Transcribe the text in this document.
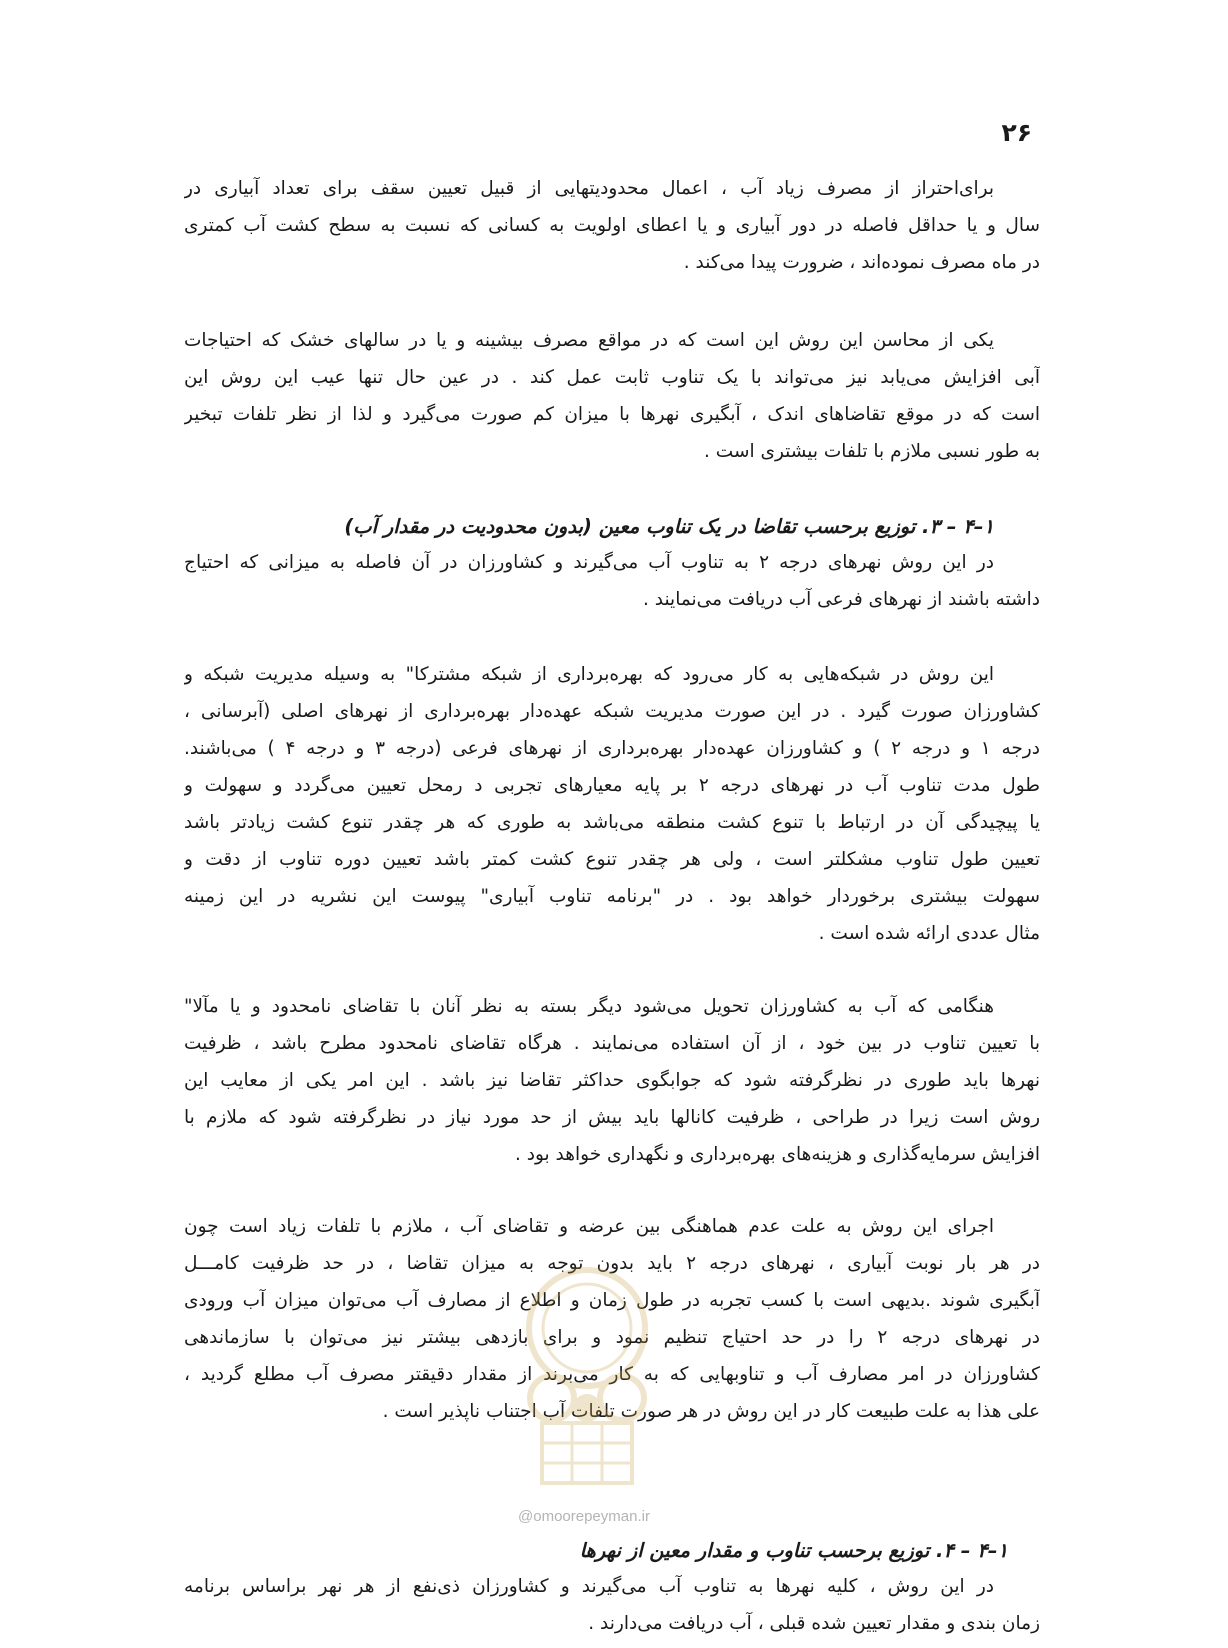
۲۶
برای‌احتراز از مصرف زیاد آب ، اعمال محدودیتهایی از قبیل تعیین سقف برای تعداد آبیاری در
سال و یا حداقل فاصله در دور آبیاری و یا اعطای اولویت به کسانی که نسبت به سطح کشت آب کمتری
در ماه مصرف نموده‌اند ، ضرورت پیدا می‌کند .
یکی از محاسن این روش این است که در مواقع مصرف بیشینه و یا در سالهای خشک که احتیاجات
آبی افزایش می‌یابد نیز می‌تواند با یک تناوب ثابت عمل کند . در عین حال تنها عیب این روش این
است که در موقع تقاضاهای اندک ، آبگیری نهرها با میزان کم صورت می‌گیرد و لذا از نظر تلفات تبخیر
به طور نسبی ملازم با تلفات بیشتری است .
۱–۴ – ۳. توزیع برحسب تقاضا در یک تناوب معین (بدون محدودیت در مقدار آب)
در این روش نهرهای درجه ۲ به تناوب آب می‌گیرند و کشاورزان در آن فاصله به میزانی که احتیاج
داشته باشند از نهرهای فرعی آب دریافت می‌نمایند .
این روش در شبکه‌هایی به کار می‌رود که بهره‌برداری از شبکه مشترکا" به وسیله مدیریت شبکه و
کشاورزان صورت گیرد . در این صورت مدیریت شبکه عهده‌دار بهره‌برداری از نهرهای اصلی (آبرسانی ،
درجه ۱ و درجه ۲ ) و کشاورزان عهده‌دار بهره‌برداری از نهرهای فرعی (درجه ۳ و درجه ۴ ) می‌باشند.
طول مدت تناوب آب در نهرهای درجه ۲ بر پایه معیارهای تجربی د رمحل تعیین می‌گردد و سهولت و
یا پیچیدگی آن در ارتباط با تنوع کشت منطقه می‌باشد به طوری که هر چقدر تنوع کشت زیادتر باشد
تعیین طول تناوب مشکلتر است ، ولی هر چقدر تنوع کشت کمتر باشد تعیین دوره تناوب از دقت و
سهولت بیشتری برخوردار خواهد بود . در "برنامه تناوب آبیاری" پیوست این نشریه در این زمینه
مثال عددی ارائه شده است .
هنگامی که آب به کشاورزان تحویل می‌شود دیگر بسته به نظر آنان با تقاضای نامحدود و یا مآلا"
با تعیین تناوب در بین خود ، از آن استفاده می‌نمایند . هرگاه تقاضای نامحدود مطرح باشد ، ظرفیت
نهرها باید طوری در نظرگرفته شود که جوابگوی حداکثر تقاضا نیز باشد . این امر یکی از معایب این
روش است زیرا در طراحی ، ظرفیت کانالها باید بیش از حد مورد نیاز در نظرگرفته شود که ملازم با
افزایش سرمایه‌گذاری و هزینه‌های بهره‌برداری و نگهداری خواهد بود .
اجرای این روش به علت عدم هماهنگی بین عرضه و تقاضای آب ، ملازم با تلفات زیاد است چون
در هر بار نوبت آبیاری ، نهرهای درجه ۲ باید بدون توجه به میزان تقاضا ، در حد ظرفیت کامـــل
آبگیری شوند .بدیهی است با کسب تجربه در طول زمان و اطلاع از مصارف آب می‌توان میزان آب ورودی
در نهرهای درجه ۲ را در حد احتیاج تنظیم نمود و برای بازدهی بیشتر نیز می‌توان با سازماندهی
کشاورزان در امر مصارف آب و تناوبهایی که به کار می‌برند از مقدار دقیقتر مصرف آب مطلع گردید ،
علی هذا به علت طبیعت کار در این روش در هر صورت تلفات آب اجتناب ناپذیر است .
@omoorepeyman.ir
۱–۴ – ۴. توزیع برحسب تناوب و مقدار معین از نهرها
در این روش ، کلیه نهرها به تناوب آب می‌گیرند و کشاورزان ذی‌نفع از هر نهر براساس برنامه
زمان بندی و مقدار تعیین شده قبلی ، آب دریافت می‌دارند .
